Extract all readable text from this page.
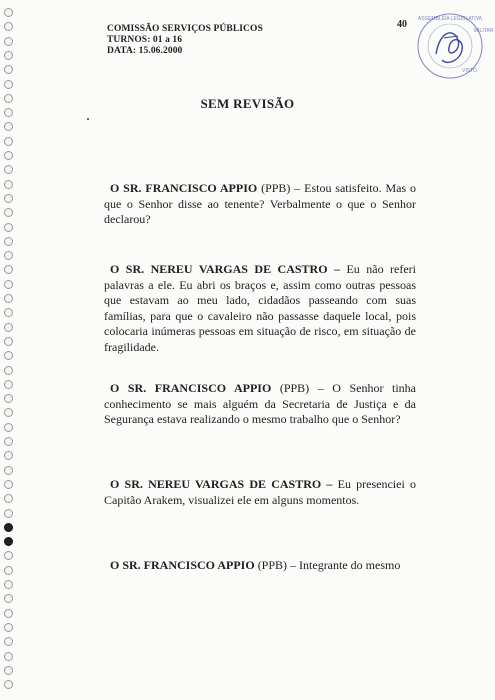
COMISSÃO SERVIÇOS PÚBLICOS
TURNOS: 01 a 16
DATA: 15.06.2000
40 ASSEMBLÉIA LEGISLATIVA
MILITAR
VISTO
SEM REVISÃO
O SR. FRANCISCO APPIO (PPB) – Estou satisfeito. Mas o que o Senhor disse ao tenente? Verbalmente o que o Senhor declarou?
O SR. NEREU VARGAS DE CASTRO – Eu não referi palavras a ele. Eu abri os braços e, assim como outras pessoas que estavam ao meu lado, cidadãos passeando com suas famílias, para que o cavaleiro não passasse daquele local, pois colocaria inúmeras pessoas em situação de risco, em situação de fragilidade.
O SR. FRANCISCO APPIO (PPB) – O Senhor tinha conhecimento se mais alguém da Secretaria de Justiça e da Segurança estava realizando o mesmo trabalho que o Senhor?
O SR. NEREU VARGAS DE CASTRO – Eu presenciei o Capitão Arakem, visualizei ele em alguns momentos.
O SR. FRANCISCO APPIO (PPB) – Integrante do mesmo
